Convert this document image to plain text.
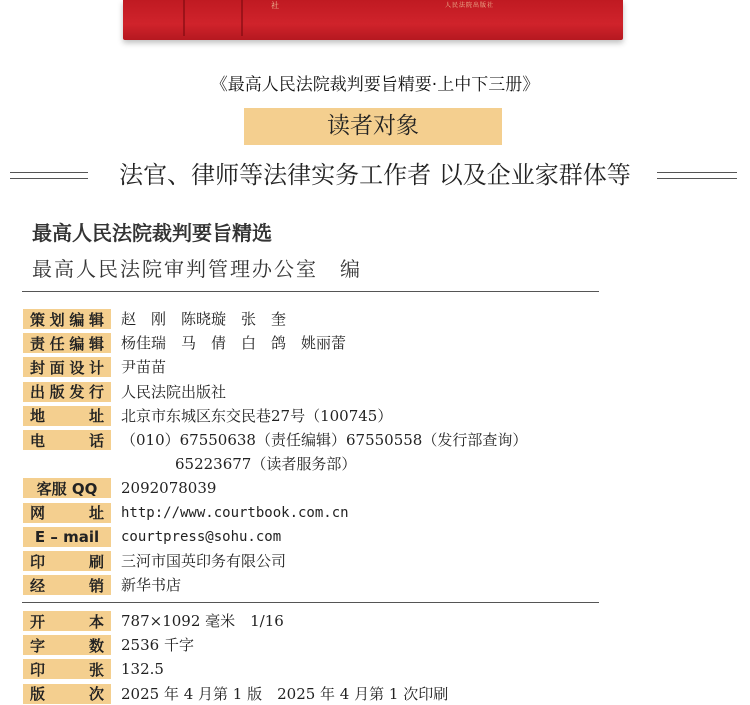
社	人民法院出版社
《最高人民法院裁判要旨精要·上中下三册》
读者对象
法官、律师等法律实务工作者 以及企业家群体等
最高人民法院裁判要旨精选
最高人民法院审判管理办公室　编
策 划 编 辑 赵　刚　陈晓璇　张　奎
责 任 编 辑 杨佳瑞　马　倩　白　鸽　姚丽蕾
封 面 设 计 尹苗苗
出 版 发 行 人民法院出版社
地	址 北京市东城区东交民巷27号（100745）
电	话 （010）67550638（责任编辑）67550558（发行部查询）
65223677（读者服务部）
客服 QQ 2092078039
网	址 http://www.courtbook.com.cn
E – mail courtpress@sohu.com
印	刷 三河市国英印务有限公司
经	销 新华书店
开	本 787×1092 毫米　1/16
字	数 2536 千字
印	张 132.5
版	次 2025 年 4 月第 1 版　2025 年 4 月第 1 次印刷
